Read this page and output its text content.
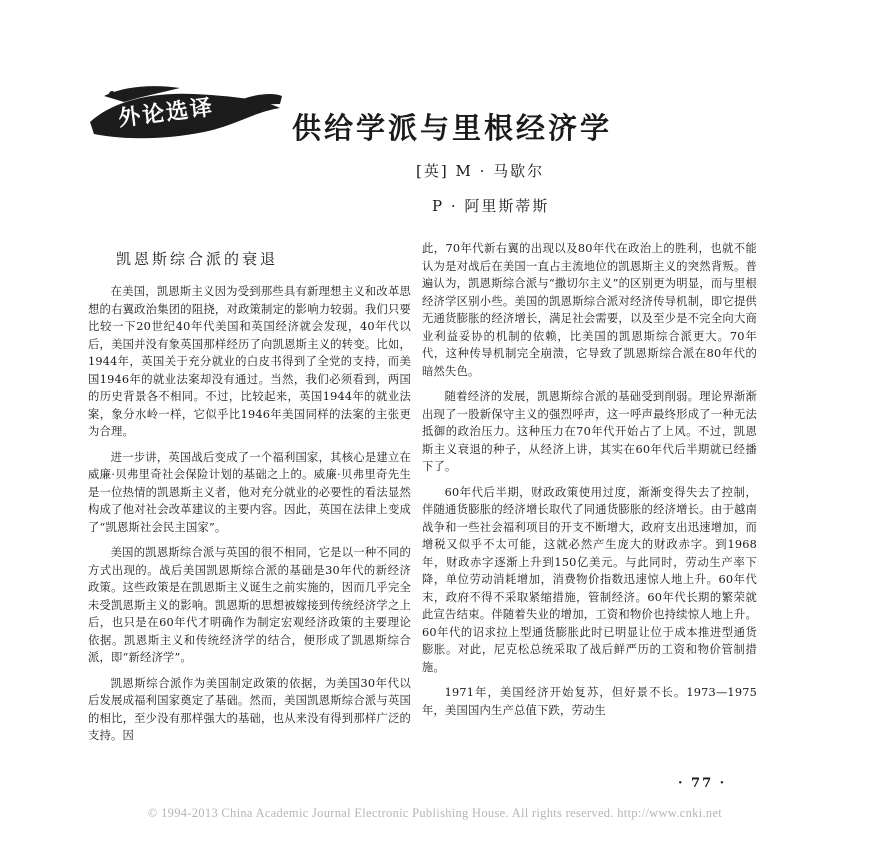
外论选译	供给学派与里根经济学
[英] M · 马歇尔
P · 阿里斯蒂斯
凯恩斯综合派的衰退

在美国，凯恩斯主义因为受到那些具有新理想主义和改革思想的右翼政治集团的阻挠，对政策制定的影响力较弱。我们只要比较一下20世纪40年代美国和英国经济就会发现，40年代以后，美国并没有象英国那样经历了向凯恩斯主义的转变。比如，1944年，英国关于充分就业的白皮书得到了全党的支持，而美国1946年的就业法案却没有通过。当然，我们必须看到，两国的历史背景各不相同。不过，比较起来，英国1944年的就业法案，象分水岭一样，它似乎比1946年美国同样的法案的主张更为合理。

进一步讲，英国战后变成了一个福利国家，其核心是建立在威廉·贝弗里奇社会保险计划的基础之上的。威廉·贝弗里奇先生是一位热情的凯恩斯主义者，他对充分就业的必要性的看法显然构成了他对社会改革建议的主要内容。因此，英国在法律上变成了“凯恩斯社会民主国家”。

美国的凯恩斯综合派与英国的很不相同，它是以一种不同的方式出现的。战后美国凯恩斯综合派的基础是30年代的新经济政策。这些政策是在凯恩斯主义诞生之前实施的，因而几乎完全未受凯恩斯主义的影响。凯恩斯的思想被嫁接到传统经济学之上后，也只是在60年代才明确作为制定宏观经济政策的主要理论依据。凯恩斯主义和传统经济学的结合，便形成了凯恩斯综合派，即“新经济学”。

凯恩斯综合派作为美国制定政策的依据，为美国30年代以后发展成福利国家奠定了基础。然而，美国凯恩斯综合派与英国的相比，至少没有那样强大的基础，也从来没有得到那样广泛的支持。因

此，70年代新右翼的出现以及80年代在政治上的胜利，也就不能认为是对战后在美国一直占主流地位的凯恩斯主义的突然背叛。普遍认为，凯恩斯综合派与“撒切尔主义”的区别更为明显，而与里根经济学区别小些。美国的凯恩斯综合派对经济传导机制，即它提供无通货膨胀的经济增长，满足社会需要，以及至少是不完全向大商业利益妥协的机制的依赖，比美国的凯恩斯综合派更大。70年代，这种传导机制完全崩溃，它导致了凯恩斯综合派在80年代的暗然失色。

随着经济的发展，凯恩斯综合派的基础受到削弱。理论界渐渐出现了一股新保守主义的强烈呼声，这一呼声最终形成了一种无法抵御的政治压力。这种压力在70年代开始占了上风。不过，凯恩斯主义衰退的种子，从经济上讲，其实在60年代后半期就已经播下了。

60年代后半期，财政政策使用过度，渐渐变得失去了控制，伴随通货膨胀的经济增长取代了同通货膨胀的经济增长。由于越南战争和一些社会福利项目的开支不断增大，政府支出迅速增加，而增税又似乎不太可能，这就必然产生庞大的财政赤字。到1968年，财政赤字逐渐上升到150亿美元。与此同时，劳动生产率下降，单位劳动消耗增加，消费物价指数迅速惊人地上升。60年代末，政府不得不采取紧缩措施，管制经济。60年代长期的繁荣就此宣告结束。伴随着失业的增加，工资和物价也持续惊人地上升。60年代的诏求拉上型通货膨胀此时已明显让位于成本推进型通货膨胀。对此，尼克松总统采取了战后鲜严历的工资和物价管制措施。

1971年，美国经济开始复苏，但好景不长。1973—1975年，美国国内生产总值下跌，劳动生

· 77 ·
© 1994-2013 China Academic Journal Electronic Publishing House. All rights reserved. http://www.cnki.net
